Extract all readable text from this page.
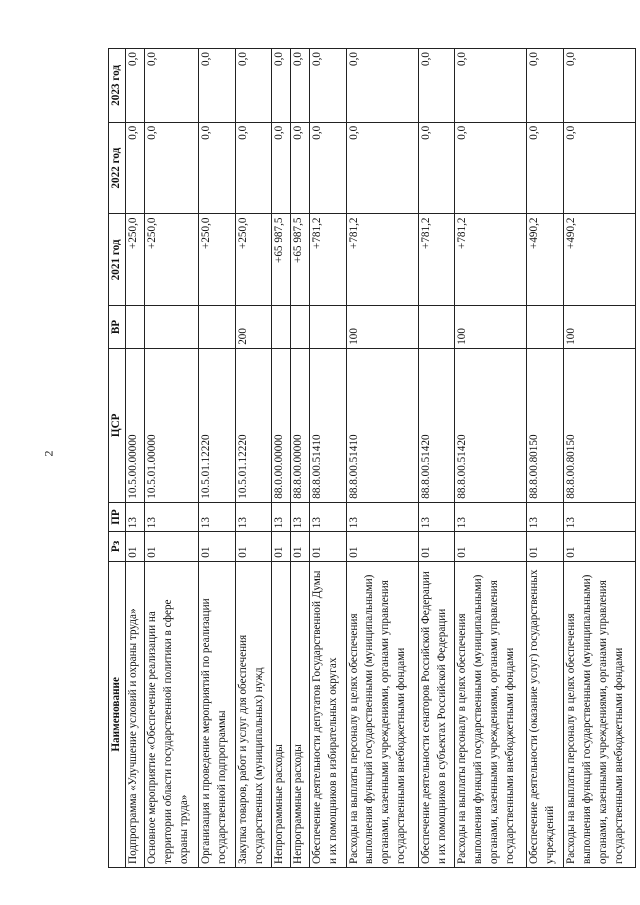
2
Наименование	Рз	ПР	ЦСР	ВР	2021 год	2022 год	2023 год
Подпрограмма «Улучшение условий и охраны труда»	01	13	10.5.00.00000		+250,0	0,0	0,0
Основное мероприятие «Обеспечение реализации на территории области государственной политики в сфере охраны труда»	01	13	10.5.01.00000		+250,0	0,0	0,0
Организация и проведение мероприятий по реализации государственной подпрограммы	01	13	10.5.01.12220		+250,0	0,0	0,0
Закупка товаров, работ и услуг для обеспечения государственных (муниципальных) нужд	01	13	10.5.01.12220	200	+250,0	0,0	0,0
Непрограммные расходы	01	13	88.0.00.00000		+65 987,5	0,0	0,0
Непрограммные расходы	01	13	88.8.00.00000		+65 987,5	0,0	0,0
Обеспечение деятельности депутатов Государственной Думы и их помощников в избирательных округах	01	13	88.8.00.51410		+781,2	0,0	0,0
Расходы на выплаты персоналу в целях обеспечения выполнения функций государственными (муниципальными) органами, казенными учреждениями, органами управления государственными внебюджетными фондами	01	13	88.8.00.51410	100	+781,2	0,0	0,0
Обеспечение деятельности сенаторов Российской Федерации и их помощников в субъектах Российской Федерации	01	13	88.8.00.51420		+781,2	0,0	0,0
Расходы на выплаты персоналу в целях обеспечения выполнения функций государственными (муниципальными) органами, казенными учреждениями, органами управления государственными внебюджетными фондами	01	13	88.8.00.51420	100	+781,2	0,0	0,0
Обеспечение деятельности (оказание услуг) государственных учреждений	01	13	88.8.00.80150		+490,2	0,0	0,0
Расходы на выплаты персоналу в целях обеспечения выполнения функций государственными (муниципальными) органами, казенными учреждениями, органами управления государственными внебюджетными фондами	01	13	88.8.00.80150	100	+490,2	0,0	0,0
